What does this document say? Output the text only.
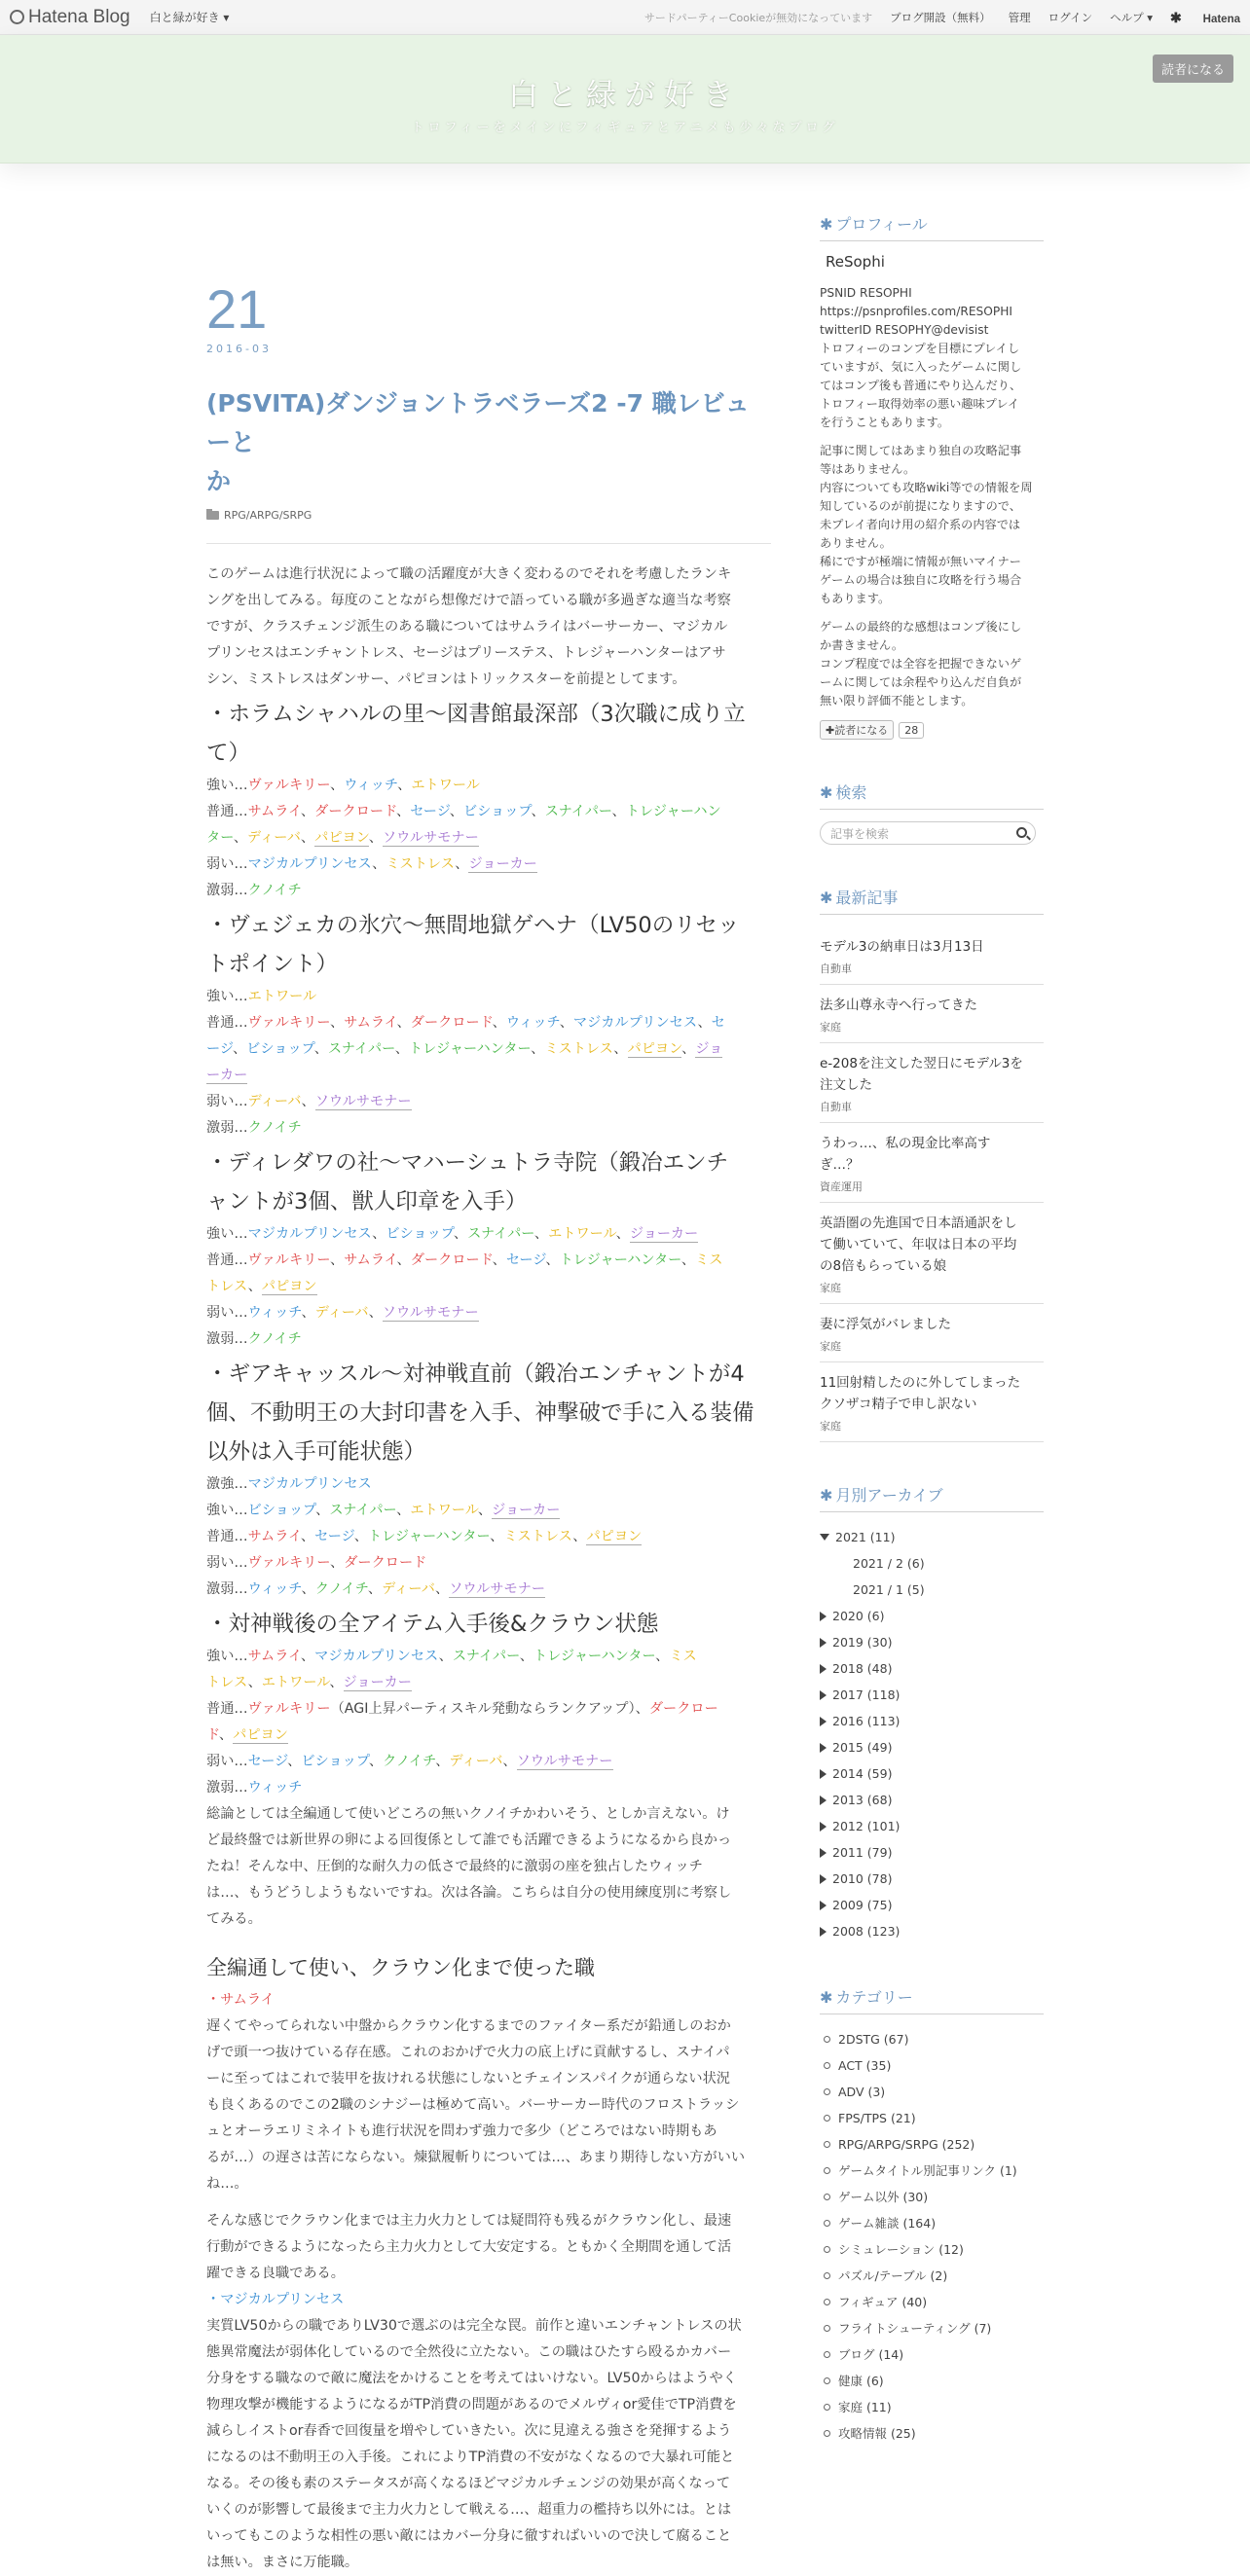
Hatena Blog 白と緑が好き ▾	サードパーティーCookieが無効になっています ブログ開設（無料） 管理 ログイン ヘルプ ▾ ✱ Hatena
白と緑が好き
トロフィーをメインにフィギュアとアニメも少々なブログ
読者になる
21
2016-03
(PSVITA)ダンジョントラベラーズ2 -7 職レビューと
か
RPG/ARPG/SRPG

このゲームは進行状況によって職の活躍度が大きく変わるのでそれを考慮したランキ
ングを出してみる。毎度のことながら想像だけで語っている職が多過ぎな適当な考察
ですが、クラスチェンジ派生のある職についてはサムライはバーサーカー、マジカル
プリンセスはエンチャントレス、セージはプリーステス、トレジャーハンターはアサ
シン、ミストレスはダンサー、パピヨンはトリックスターを前提としてます。

・ホラムシャハルの里〜図書館最深部（3次職に成り立
て）

強い…ヴァルキリー、ウィッチ、エトワール

普通…サムライ、ダークロード、セージ、ビショップ、スナイパー、トレジャーハン
ター、ディーバ、パピヨン、ソウルサモナー

弱い…マジカルプリンセス、ミストレス、ジョーカー

激弱…クノイチ

・ヴェジェカの氷穴〜無間地獄ゲヘナ（LV50のリセッ
トポイント）

強い…エトワール

普通…ヴァルキリー、サムライ、ダークロード、ウィッチ、マジカルプリンセス、セ
ージ、ビショップ、スナイパー、トレジャーハンター、ミストレス、パピヨン、ジョ
ーカー

弱い…ディーバ、ソウルサモナー

激弱…クノイチ

・ディレダワの社〜マハーシュトラ寺院（鍛冶エンチ
ャントが3個、獣人印章を入手）

強い…マジカルプリンセス、ビショップ、スナイパー、エトワール、ジョーカー

普通…ヴァルキリー、サムライ、ダークロード、セージ、トレジャーハンター、ミス
トレス、パピヨン

弱い…ウィッチ、ディーバ、ソウルサモナー

激弱…クノイチ

・ギアキャッスル〜対神戦直前（鍛冶エンチャントが4
個、不動明王の大封印書を入手、神撃破で手に入る装備
以外は入手可能状態）

激強…マジカルプリンセス

強い…ビショップ、スナイパー、エトワール、ジョーカー

普通…サムライ、セージ、トレジャーハンター、ミストレス、パピヨン

弱い…ヴァルキリー、ダークロード

激弱…ウィッチ、クノイチ、ディーバ、ソウルサモナー

・対神戦後の全アイテム入手後&クラウン状態

強い…サムライ、マジカルプリンセス、スナイパー、トレジャーハンター、ミス
トレス、エトワール、ジョーカー

普通…ヴァルキリー（AGI上昇パーティスキル発動ならランクアップ）、ダークロー
ド、パピヨン

弱い…セージ、ビショップ、クノイチ、ディーバ、ソウルサモナー

激弱…ウィッチ

総論としては全編通して使いどころの無いクノイチかわいそう、としか言えない。け
ど最終盤では新世界の卵による回復係として誰でも活躍できるようになるから良かっ
たね！そんな中、圧倒的な耐久力の低さで最終的に激弱の座を独占したウィッチ
は…、もうどうしようもないですね。次は各論。こちらは自分の使用練度別に考察し
てみる。

全編通して使い、クラウン化まで使った職

・サムライ

遅くてやってられない中盤からクラウン化するまでのファイター系だが鉛通しのおか
げで頭一つ抜けている存在感。これのおかげで火力の底上げに貢献するし、スナイパ
ーに至ってはこれで装甲を抜けれる状態にしないとチェインスパイクが通らない状況
も良くあるのでこの2職のシナジーは極めて高い。バーサーカー時代のフロストラッシ
ュとオーラエリミネイトも進行状況を問わず強力で多少（どころではない時期もあ
るが…）の遅さは苦にならない。煉獄履斬りについては…、あまり期待しない方がいい
ね…。

そんな感じでクラウン化までは主力火力としては疑問符も残るがクラウン化し、最速
行動ができるようになったら主力火力として大安定する。ともかく全期間を通して活
躍できる良職である。

・マジカルプリンセス

実質LV50からの職でありLV30で選ぶのは完全な罠。前作と違いエンチャントレスの状
態異常魔法が弱体化しているので全然役に立たない。この職はひたすら殴るかカバー
分身をする職なので敵に魔法をかけることを考えてはいけない。LV50からはようやく
物理攻撃が機能するようになるがTP消費の問題があるのでメルヴィor愛佳でTP消費を
減らしイストor春香で回復量を増やしていきたい。次に見違える強さを発揮するよう
になるのは不動明王の入手後。これによりTP消費の不安がなくなるので大暴れ可能と
なる。その後も素のステータスが高くなるほどマジカルチェンジの効果が高くなって
いくのが影響して最後まで主力火力として戦える…、超重力の檻持ち以外には。とは
いってもこのような相性の悪い敵にはカバー分身に徹すればいいので決して腐ること
は無い。まさに万能職。

✱ プロフィール
ReSophi
PSNID RESOPHI
https://psnprofiles.com/RESOPHI
twitterID RESOPHY@devisist
トロフィーのコンプを目標にプレイし
ていますが、気に入ったゲームに関し
てはコンプ後も普通にやり込んだり、
トロフィー取得効率の悪い趣味プレイ
を行うこともあります。
記事に関してはあまり独自の攻略記事
等はありません。
内容についても攻略wiki等での情報を周
知しているのが前提になりますので、
未プレイ者向け用の紹介系の内容では
ありません。
稀にですが極端に情報が無いマイナー
ゲームの場合は独自に攻略を行う場合
もあります。
ゲームの最終的な感想はコンプ後にし
か書きません。
コンプ程度では全容を把握できないゲ
ームに関しては余程やり込んだ自負が
無い限り評価不能とします。
✚ 読者になる 28
✱ 検索
記事を検索
✱ 最新記事
モデル3の納車日は3月13日
自動車
法多山尊永寺へ行ってきた
家庭
e-208を注文した翌日にモデル3を
注文した
自動車
うわっ…、私の現金比率高す
ぎ…？
資産運用
英語圏の先進国で日本語通訳をし
て働いていて、年収は日本の平均
の8倍もらっている娘
家庭
妻に浮気がバレました
家庭
11回射精したのに外してしまった
クソザコ精子で申し訳ない
家庭
✱ 月別アーカイブ
2021 (11)
2021 / 2 (6)
2021 / 1 (5)
2020 (6)
2019 (30)
2018 (48)
2017 (118)
2016 (113)
2015 (49)
2014 (59)
2013 (68)
2012 (101)
2011 (79)
2010 (78)
2009 (75)
2008 (123)
✱ カテゴリー
2DSTG (67)
ACT (35)
ADV (3)
FPS/TPS (21)
RPG/ARPG/SRPG (252)
ゲームタイトル別記事リンク (1)
ゲーム以外 (30)
ゲーム雑談 (164)
シミュレーション (12)
パズル/テーブル (2)
フィギュア (40)
フライトシューティング (7)
ブログ (14)
健康 (6)
家庭 (11)
攻略情報 (25)
